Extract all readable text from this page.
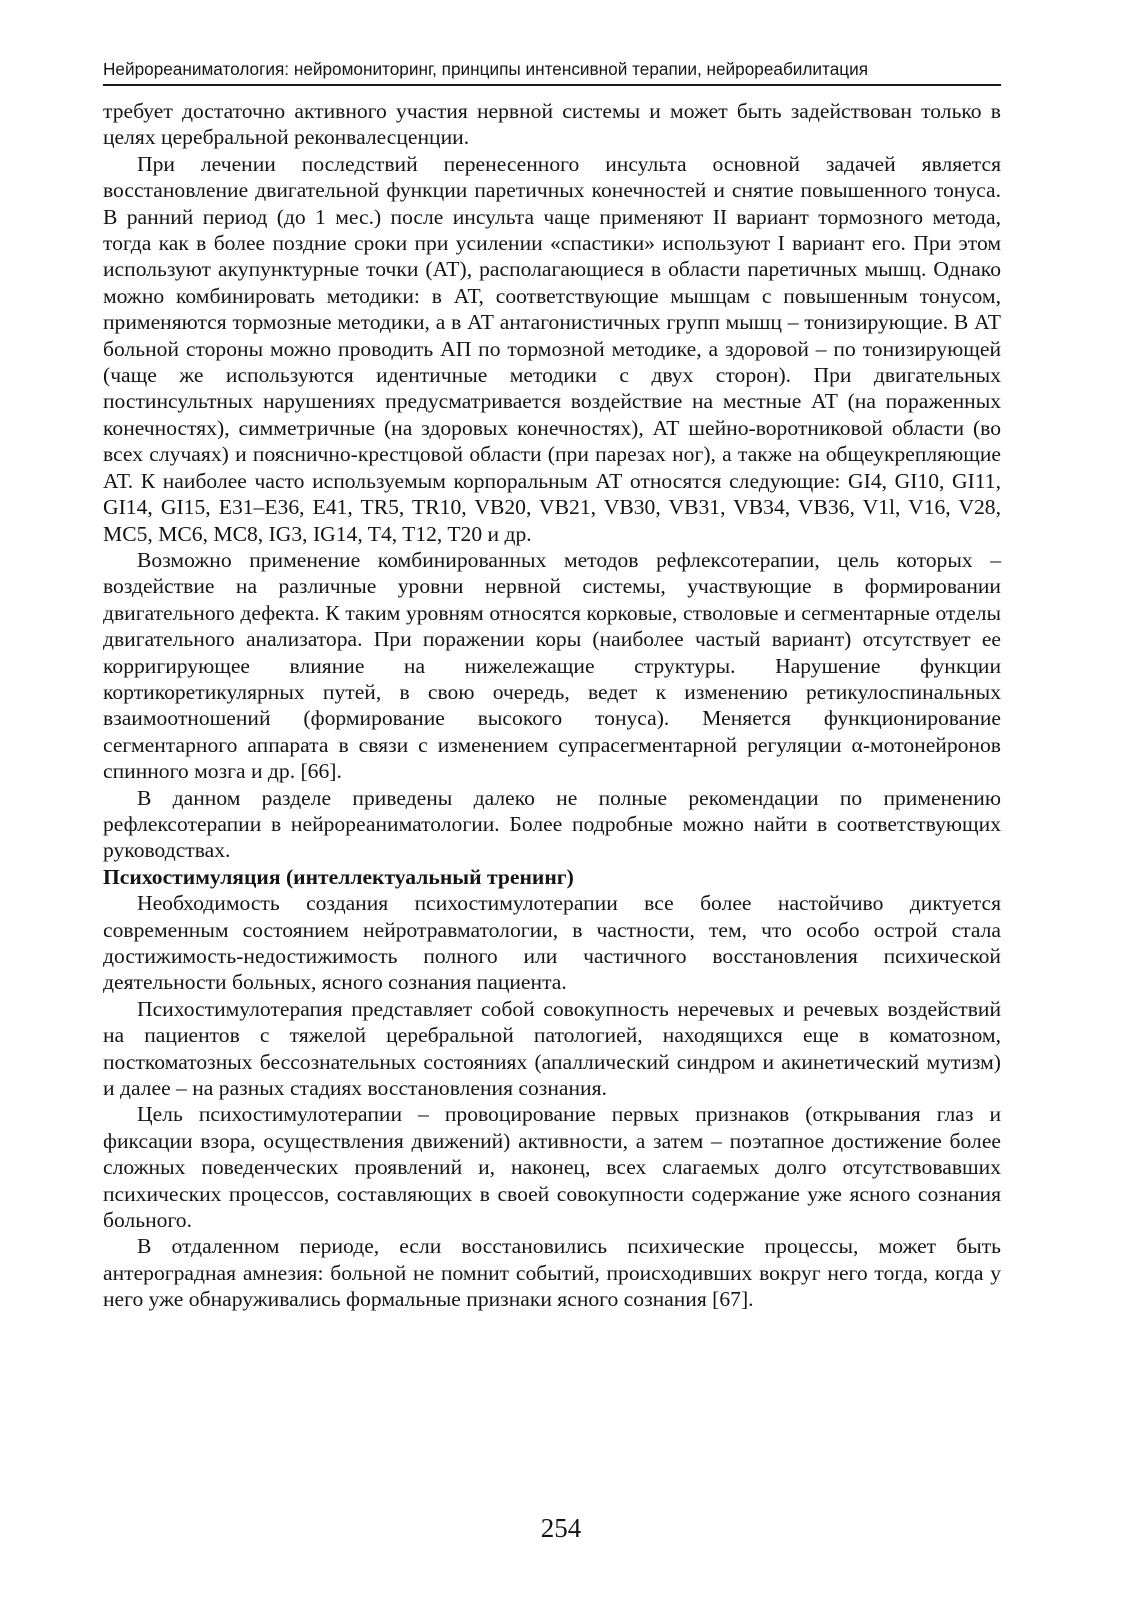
Нейрореаниматология: нейромониторинг, принципы интенсивной терапии, нейрореабилитация

требует достаточно активного участия нервной системы и может быть задействован только в целях церебральной реконвалесценции.

При лечении последствий перенесенного инсульта основной задачей является восстановление двигательной функции паретичных конечностей и снятие повышенного тонуса. В ранний период (до 1 мес.) после инсульта чаще применяют II вариант тормозного метода, тогда как в более поздние сроки при усилении «спастики» используют I вариант его. При этом используют акупунктурные точки (АТ), располагающиеся в области паретичных мышц. Однако можно комбинировать методики: в АТ, соответствующие мышцам с повышенным тонусом, применяются тормозные методики, а в АТ антагонистичных групп мышц – тонизирующие. В АТ больной стороны можно проводить АП по тормозной методике, а здоровой – по тонизирующей (чаще же используются идентичные методики с двух сторон). При двигательных постинсультных нарушениях предусматривается воздействие на местные АТ (на пораженных конечностях), симметричные (на здоровых конечностях), АТ шейно-воротниковой области (во всех случаях) и пояснично-крестцовой области (при парезах ног), а также на общеукрепляющие АТ. К наиболее часто используемым корпоральным АТ относятся следующие: GI4, GI10, GI11, GI14, GI15, E31–E36, E41, TR5, TR10, VB20, VB21, VB30, VB31, VB34, VB36, V1l, V16, V28, MC5, MC6, MC8, IG3, IG14, T4, T12, T20 и др.

Возможно применение комбинированных методов рефлексотерапии, цель которых – воздействие на различные уровни нервной системы, участвующие в формировании двигательного дефекта. К таким уровням относятся корковые, стволовые и сегментарные отделы двигательного анализатора. При поражении коры (наиболее частый вариант) отсутствует ее корригирующее влияние на нижележащие структуры. Нарушение функции кортикоретикулярных путей, в свою очередь, ведет к изменению ретикулоспинальных взаимоотношений (формирование высокого тонуса). Меняется функционирование сегментарного аппарата в связи с изменением супрасегментарной регуляции α-мотонейронов спинного мозга и др. [66].

В данном разделе приведены далеко не полные рекомендации по применению рефлексотерапии в нейрореаниматологии. Более подробные можно найти в соответствующих руководствах.

Психостимуляция (интеллектуальный тренинг)

Необходимость создания психостимулотерапии все более настойчиво диктуется современным состоянием нейротравматологии, в частности, тем, что особо острой стала достижимость-недостижимость полного или частичного восстановления психической деятельности больных, ясного сознания пациента.

Психостимулотерапия представляет собой совокупность неречевых и речевых воздействий на пациентов с тяжелой церебральной патологией, находящихся еще в коматозном, посткоматозных бессознательных состояниях (апаллический синдром и акинетический мутизм) и далее – на разных стадиях восстановления сознания.

Цель психостимулотерапии – провоцирование первых признаков (открывания глаз и фиксации взора, осуществления движений) активности, а затем – поэтапное достижение более сложных поведенческих проявлений и, наконец, всех слагаемых долго отсутствовавших психических процессов, составляющих в своей совокупности содержание уже ясного сознания больного.

В отдаленном периоде, если восстановились психические процессы, может быть антероградная амнезия: больной не помнит событий, происходивших вокруг него тогда, когда у него уже обнаруживались формальные признаки ясного сознания [67].

254
